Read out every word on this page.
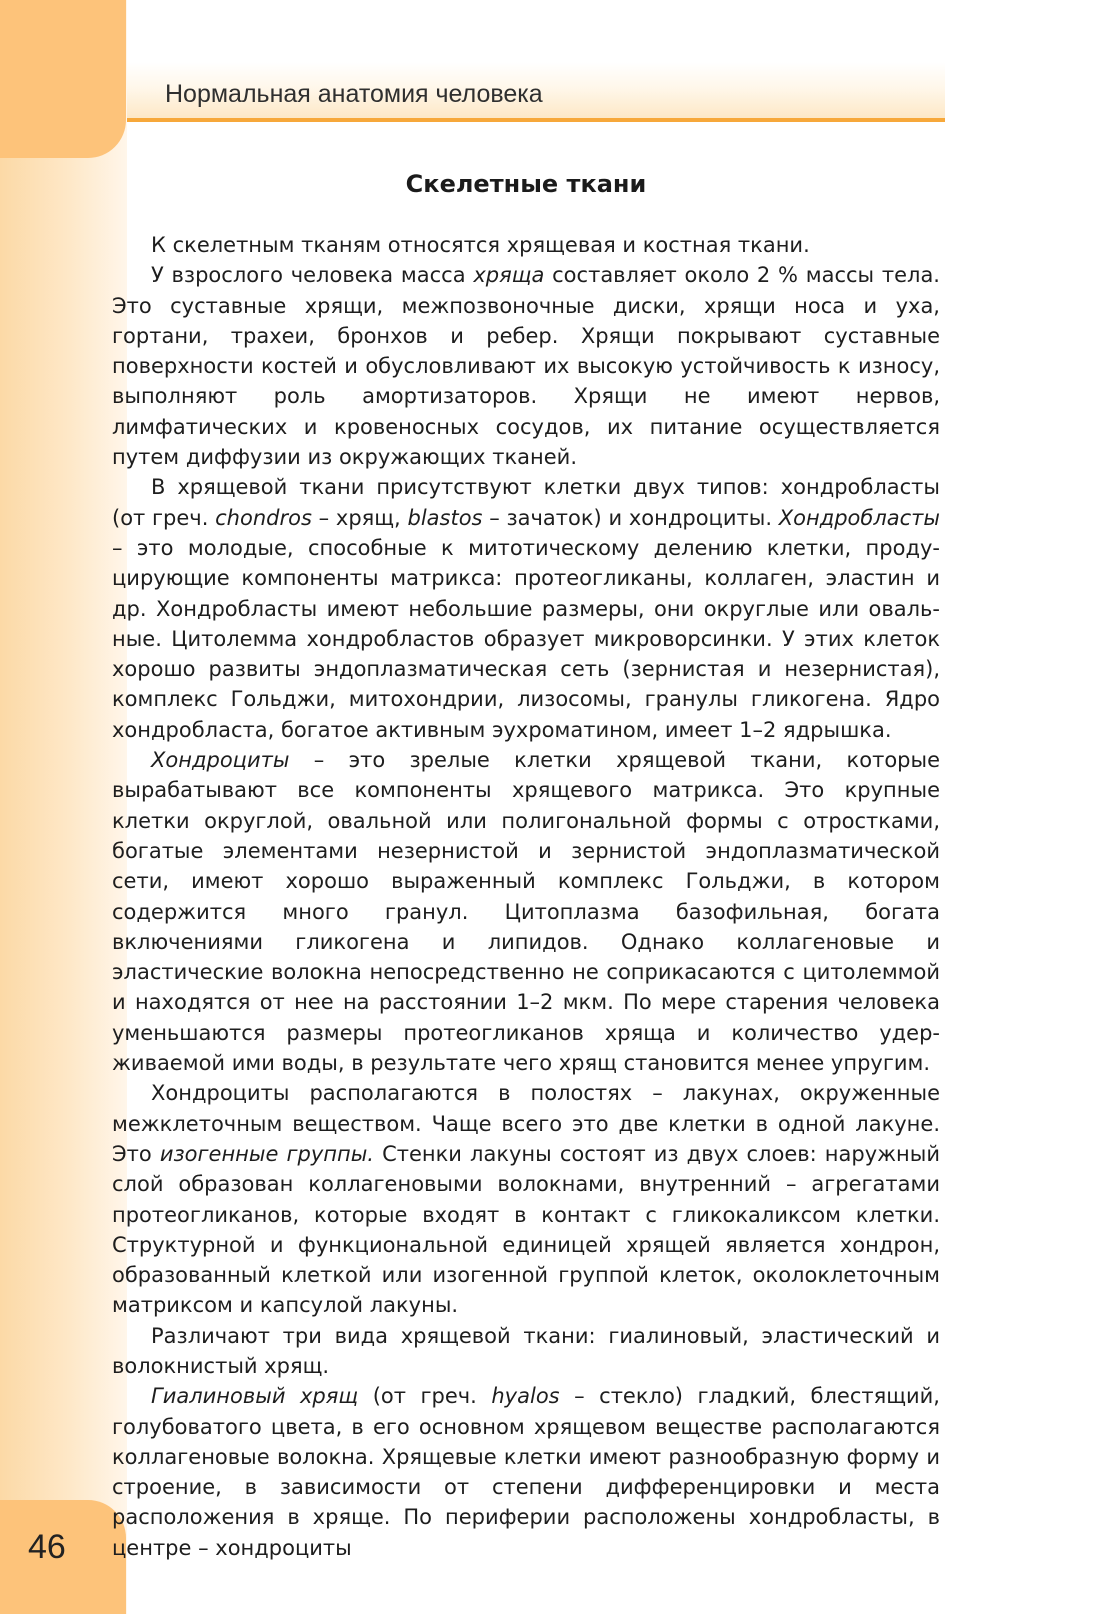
Нормальная анатомия человека
Скелетные ткани

К скелетным тканям относятся хрящевая и костная ткани.

У взрослого человека масса хряща составляет около 2 % массы тела. Это суставные хрящи, межпозвоночные диски, хрящи носа и уха, гортани, трахеи, бронхов и ребер. Хрящи покрывают суставные поверхности костей и обусловливают их высокую устойчивость к износу, выполняют роль амортизаторов. Хрящи не имеют нервов, лимфатических и кровеносных сосудов, их питание осуществляется путем диффузии из окружающих тканей.

В хрящевой ткани присутствуют клетки двух типов: хондробласты (от греч. chondros – хрящ, blastos – зачаток) и хондроциты. Хондробласты – это молодые, способные к митотическому делению клетки, продуцирующие компоненты матрикса: протеогликаны, коллаген, эластин и др. Хондробласты имеют небольшие размеры, они округлые или овальные. Цитолемма хондробластов образует микроворсинки. У этих клеток хорошо развиты эндоплазматическая сеть (зернистая и незернистая), комплекс Гольджи, митохондрии, лизосомы, гранулы гликогена. Ядро хондробласта, богатое активным эухроматином, имеет 1–2 ядрышка.

Хондроциты – это зрелые клетки хрящевой ткани, которые вырабатывают все компоненты хрящевого матрикса. Это крупные клетки округлой, овальной или полигональной формы с отростками, богатые элементами незернистой и зернистой эндоплазматической сети, имеют хорошо выраженный комплекс Гольджи, в котором содержится много гранул. Цитоплазма базофильная, богата включениями гликогена и липидов. Однако коллагеновые и эластические волокна непосредственно не соприкасаются с цитолеммой и находятся от нее на расстоянии 1–2 мкм. По мере старения человека уменьшаются размеры протеогликанов хряща и количество удерживаемой ими воды, в результате чего хрящ становится менее упругим.

Хондроциты располагаются в полостях – лакунах, окруженные межклеточным веществом. Чаще всего это две клетки в одной лакуне. Это изогенные группы. Стенки лакуны состоят из двух слоев: наружный слой образован коллагеновыми волокнами, внутренний – агрегатами протеогликанов, которые входят в контакт с гликокаликсом клетки. Структурной и функциональной единицей хрящей является хондрон, образованный клеткой или изогенной группой клеток, околоклеточным матриксом и капсулой лакуны.

Различают три вида хрящевой ткани: гиалиновый, эластический и волокнистый хрящ.

Гиалиновый хрящ (от греч. hyalos – стекло) гладкий, блестящий, голубоватого цвета, в его основном хрящевом веществе располагаются коллагеновые волокна. Хрящевые клетки имеют разнообразную форму и строение, в зависимости от степени дифференцировки и места расположения в хряще. По периферии расположены хондробласты, в центре – хондроциты

46
